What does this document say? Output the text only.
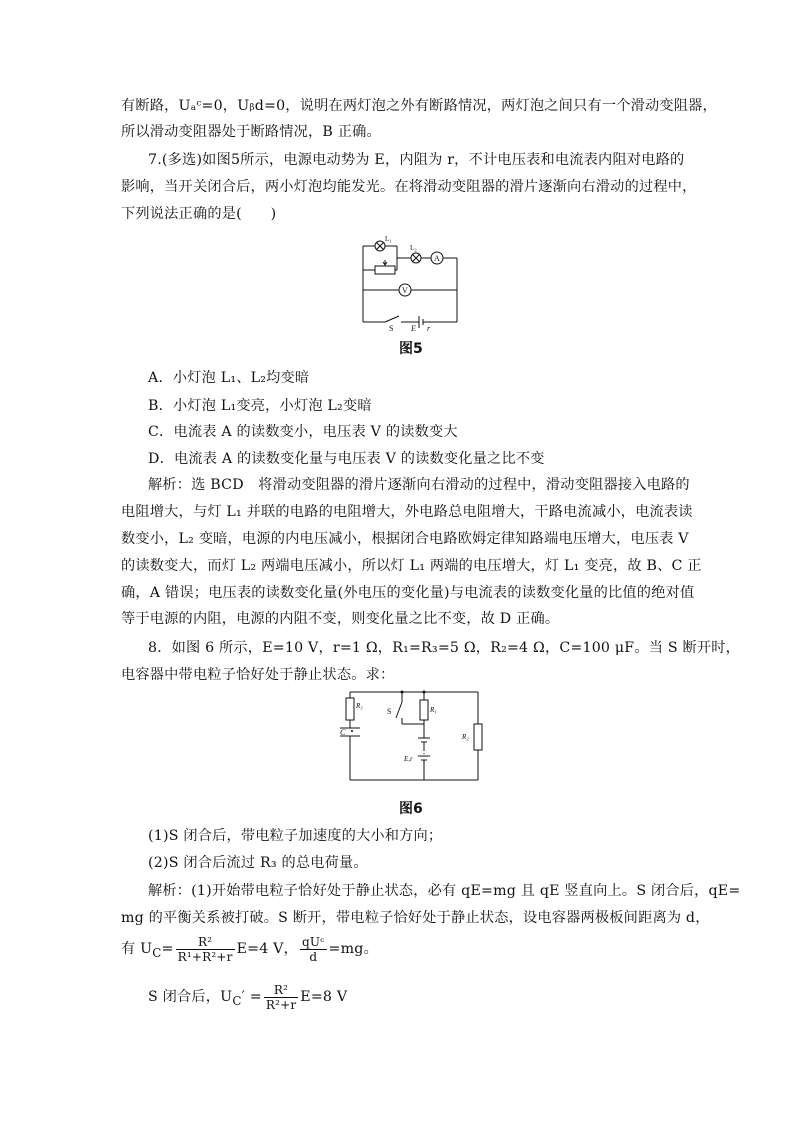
有断路，Uₐᶜ=0，Uᵦd=0，说明在两灯泡之外有断路情况，两灯泡之间只有一个滑动变阻器，
所以滑动变阻器处于断路情况，B 正确。
7.(多选)如图5所示，电源电动势为 E，内阻为 r，不计电压表和电流表内阻对电路的
影响，当开关闭合后，两小灯泡均能发光。在将滑动变阻器的滑片逐渐向右滑动的过程中，
下列说法正确的是(　　)
L₁
L₂
A
V
S E r
图5
A．小灯泡 L₁、L₂均变暗
B．小灯泡 L₁变亮，小灯泡 L₂变暗
C．电流表 A 的读数变小，电压表 V 的读数变大
D．电流表 A 的读数变化量与电压表 V 的读数变化量之比不变
解析：选 BCD　将滑动变阻器的滑片逐渐向右滑动的过程中，滑动变阻器接入电路的
电阻增大，与灯 L₁ 并联的电路的电阻增大，外电路总电阻增大，干路电流减小，电流表读
数变小，L₂ 变暗，电源的内电压减小，根据闭合电路欧姆定律知路端电压增大，电压表 V
的读数变大，而灯 L₂ 两端电压减小，所以灯 L₁ 两端的电压增大，灯 L₁ 变亮，故 B、C 正
确，A 错误；电压表的读数变化量(外电压的变化量)与电流表的读数变化量的比值的绝对值
等于电源的内阻，电源的内阻不变，则变化量之比不变，故 D 正确。
8．如图 6 所示，E=10 V，r=1 Ω，R₁=R₃=5 Ω，R₂=4 Ω，C=100 μF。当 S 断开时，
电容器中带电粒子恰好处于静止状态。求：
R₃
C
S	R₁
R₂
E,r
图6
(1)S 闭合后，带电粒子加速度的大小和方向；
(2)S 闭合后流过 R₃ 的总电荷量。
解析：(1)开始带电粒子恰好处于静止状态，必有 qE=mg 且 qE 竖直向上。S 闭合后，qE=
mg 的平衡关系被打破。S 断开，带电粒子恰好处于静止状态，设电容器两极板间距离为 d，
有 $U_C= \frac{\text{R²}}{\text{R¹+R²+r}} E=4$ V， $\frac{\text{qUᶜ}}{d} =mg$。
S 闭合后，$U_C' = \frac{\text{R²}}{\text{R²+r}} E=8$ V
